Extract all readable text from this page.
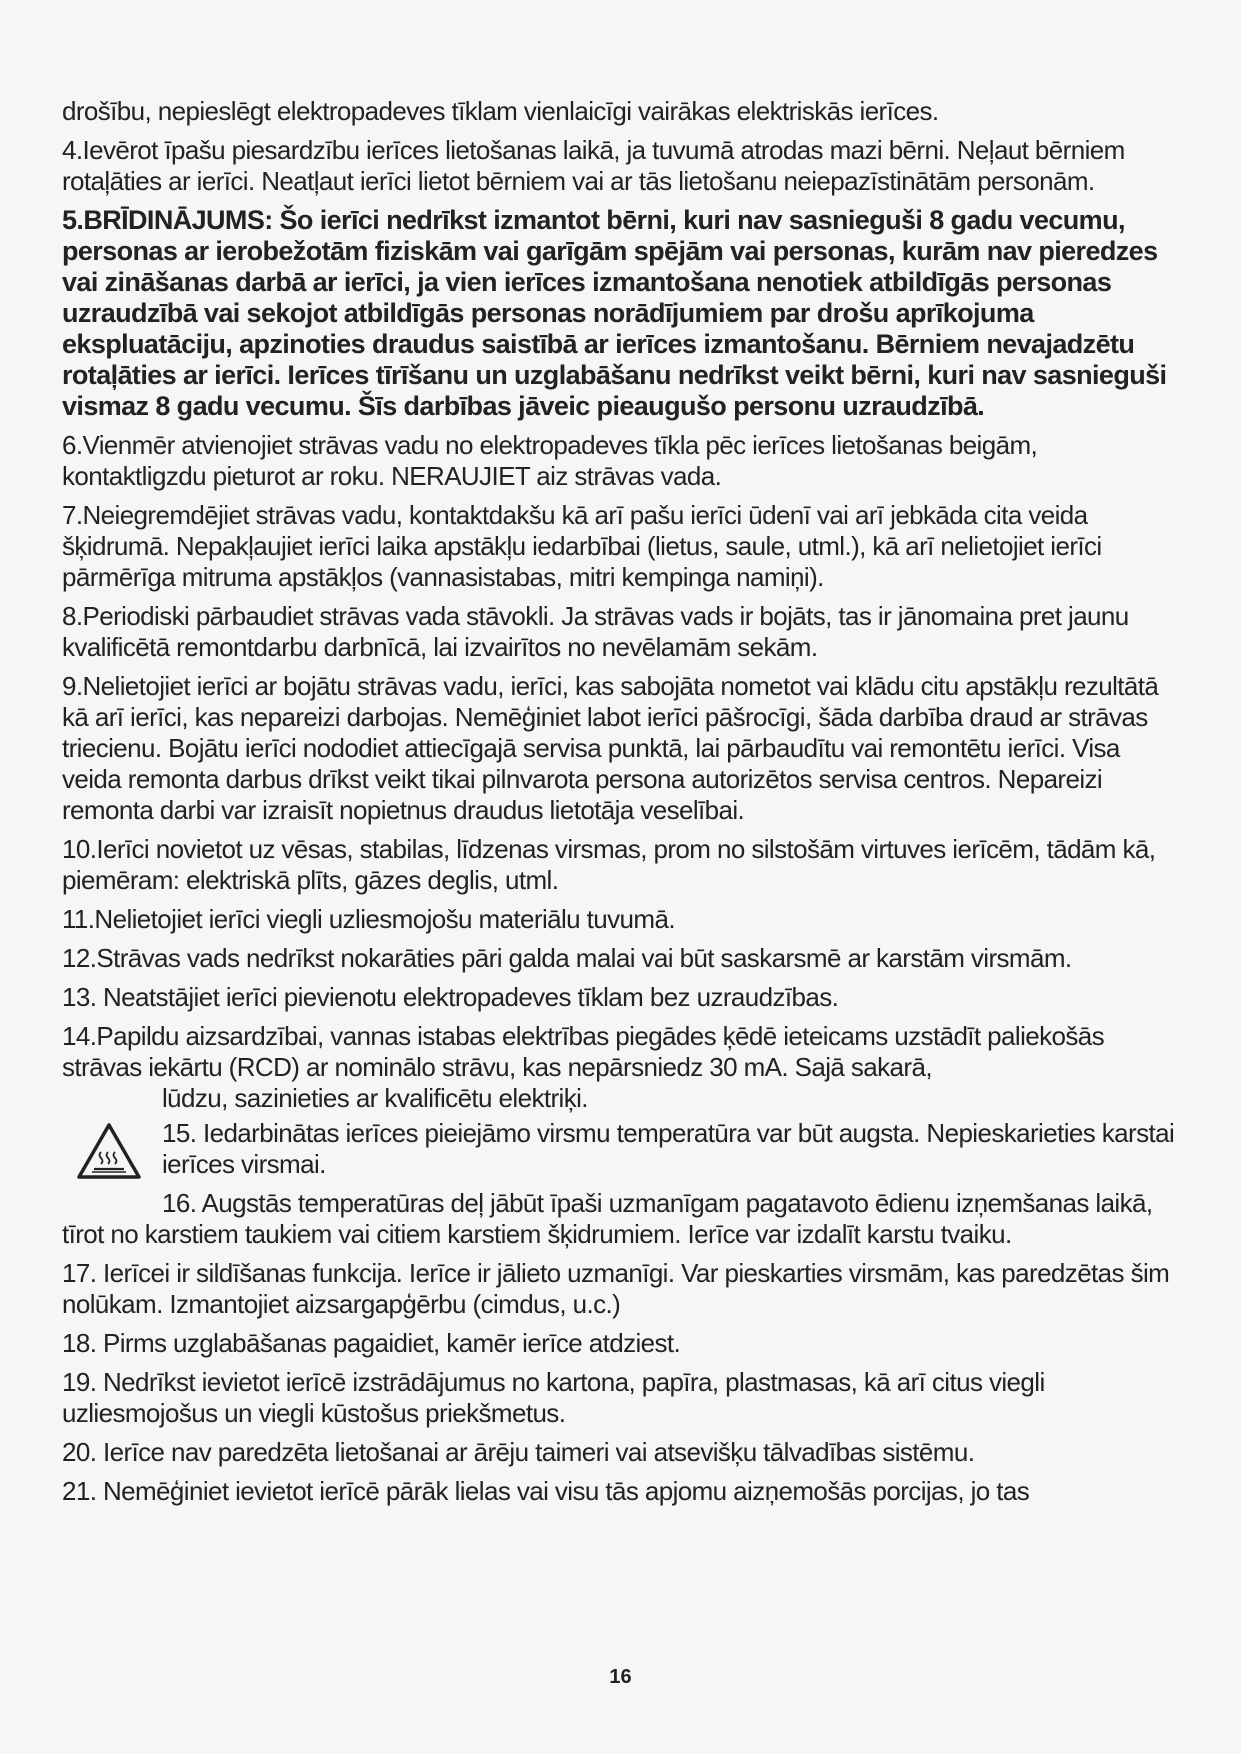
drošību, nepieslēgt elektropadeves tīklam vienlaicīgi vairākas elektriskās ierīces.

4.Ievērot īpašu piesardzību ierīces lietošanas laikā, ja tuvumā atrodas mazi bērni. Neļaut bērniem rotaļāties ar ierīci. Neatļaut ierīci lietot bērniem vai ar tās lietošanu neiepazīstinātām personām.

5.BRĪDINĀJUMS: Šo ierīci nedrīkst izmantot bērni, kuri nav sasnieguši 8 gadu vecumu, personas ar ierobežotām fiziskām vai garīgām spējām vai personas, kurām nav pieredzes vai zināšanas darbā ar ierīci, ja vien ierīces izmantošana nenotiek atbildīgās personas uzraudzībā vai sekojot atbildīgās personas norādījumiem par drošu aprīkojuma ekspluatāciju, apzinoties draudus saistībā ar ierīces izmantošanu. Bērniem nevajadzētu rotaļāties ar ierīci. Ierīces tīrīšanu un uzglabāšanu nedrīkst veikt bērni, kuri nav sasnieguši vismaz 8 gadu vecumu. Šīs darbības jāveic pieaugušo personu uzraudzībā.

6.Vienmēr atvienojiet strāvas vadu no elektropadeves tīkla pēc ierīces lietošanas beigām, kontaktligzdu pieturot ar roku. NERAUJIET aiz strāvas vada.

7.Neiegremdējiet strāvas vadu, kontaktdakšu kā arī pašu ierīci ūdenī vai arī jebkāda cita veida šķidrumā. Nepakļaujiet ierīci laika apstākļu iedarbībai (lietus, saule, utml.), kā arī nelietojiet ierīci pārmērīga mitruma apstākļos (vannasistabas, mitri kempinga namiņi).

8.Periodiski pārbaudiet strāvas vada stāvokli. Ja strāvas vads ir bojāts, tas ir jānomaina pret jaunu kvalificētā remontdarbu darbnīcā, lai izvairītos no nevēlamām sekām.

9.Nelietojiet ierīci ar bojātu strāvas vadu, ierīci, kas sabojāta nometot vai klādu citu apstākļu rezultātā kā arī ierīci, kas nepareizi darbojas. Nemēģiniet labot ierīci pāšrocīgi, šāda darbība draud ar strāvas triecienu. Bojātu ierīci nododiet attiecīgajā servisa punktā, lai pārbaudītu vai remontētu ierīci. Visa veida remonta darbus drīkst veikt tikai pilnvarota persona autorizētos servisa centros. Nepareizi remonta darbi var izraisīt nopietnus draudus lietotāja veselībai.

10.Ierīci novietot uz vēsas, stabilas, līdzenas virsmas, prom no silstošām virtuves ierīcēm, tādām kā, piemēram: elektriskā plīts, gāzes deglis, utml.

11.Nelietojiet ierīci viegli uzliesmojošu materiālu tuvumā.

12.Strāvas vads nedrīkst nokarāties pāri galda malai vai būt saskarsmē ar karstām virsmām.

13. Neatstājiet ierīci pievienotu elektropadeves tīklam bez uzraudzības.

14.Papildu aizsardzībai, vannas istabas elektrības piegādes ķēdē ieteicams uzstādīt paliekošās strāvas iekārtu (RCD) ar nominālo strāvu, kas nepārsniedz 30 mA. Sajā sakarā,

lūdzu, sazinieties ar kvalificētu elektriķi.

15. Iedarbinātas ierīces pieiejāmo virsmu temperatūra var būt augsta. Nepieskarieties karstai ierīces virsmai.

16. Augstās temperatūras deļ jābūt īpaši uzmanīgam pagatavoto ēdienu izņemšanas laikā, tīrot no karstiem taukiem vai citiem karstiem šķidrumiem. Ierīce var izdalīt karstu tvaiku.

17. Ierīcei ir sildīšanas funkcija. Ierīce ir jālieto uzmanīgi. Var pieskarties virsmām, kas paredzētas šim nolūkam. Izmantojiet aizsargapģērbu (cimdus, u.c.)

18. Pirms uzglabāšanas pagaidiet, kamēr ierīce atdziest.

19. Nedrīkst ievietot ierīcē izstrādājumus no kartona, papīra, plastmasas, kā arī citus viegli uzliesmojošus un viegli kūstošus priekšmetus.

20. Ierīce nav paredzēta lietošanai ar ārēju taimeri vai atsevišķu tālvadības sistēmu.

21. Nemēģiniet ievietot ierīcē pārāk lielas vai visu tās apjomu aizņemošās porcijas, jo tas

16
